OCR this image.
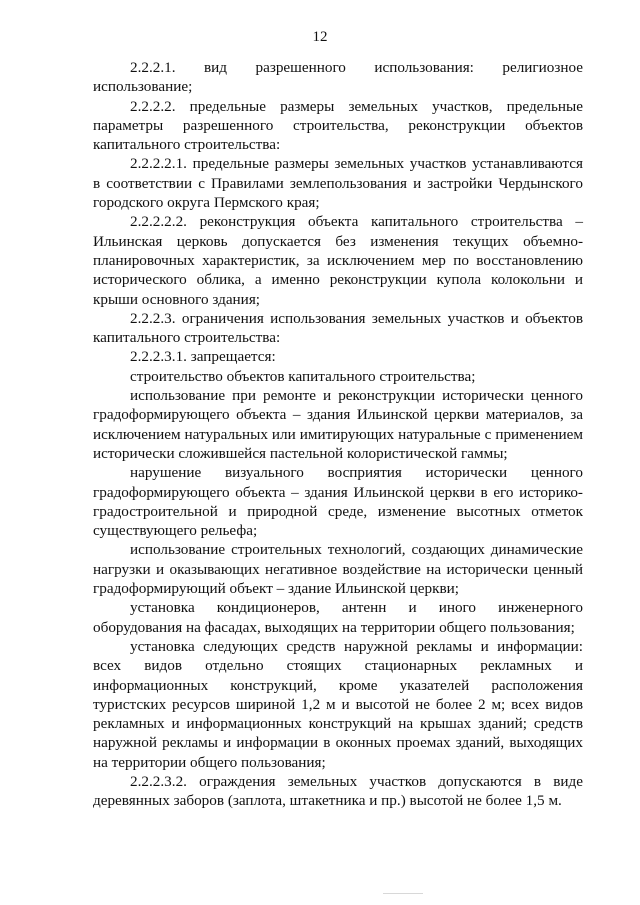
12

2.2.2.1. вид разрешенного использования: религиозное использование;

2.2.2.2. предельные размеры земельных участков, предельные параметры разрешенного строительства, реконструкции объектов капитального строительства:

2.2.2.2.1. предельные размеры земельных участков устанавливаются в соответствии с Правилами землепользования и застройки Чердынского городского округа Пермского края;

2.2.2.2.2. реконструкция объекта капитального строительства – Ильинская церковь допускается без изменения текущих объемно-планировочных характеристик, за исключением мер по восстановлению исторического облика, а именно реконструкции купола колокольни и крыши основного здания;

2.2.2.3. ограничения использования земельных участков и объектов капитального строительства:

2.2.2.3.1. запрещается:

строительство объектов капитального строительства;

использование при ремонте и реконструкции исторически ценного градоформирующего объекта – здания Ильинской церкви материалов, за исключением натуральных или имитирующих натуральные с применением исторически сложившейся пастельной колористической гаммы;

нарушение визуального восприятия исторически ценного градоформирующего объекта – здания Ильинской церкви в его историко-градостроительной и природной среде, изменение высотных отметок существующего рельефа;

использование строительных технологий, создающих динамические нагрузки и оказывающих негативное воздействие на исторически ценный градоформирующий объект – здание Ильинской церкви;

установка кондиционеров, антенн и иного инженерного оборудования на фасадах, выходящих на территории общего пользования;

установка следующих средств наружной рекламы и информации: всех видов отдельно стоящих стационарных рекламных и информационных конструкций, кроме указателей расположения туристских ресурсов шириной 1,2 м и высотой не более 2 м; всех видов рекламных и информационных конструкций на крышах зданий; средств наружной рекламы и информации в оконных проемах зданий, выходящих на территории общего пользования;

2.2.2.3.2. ограждения земельных участков допускаются в виде деревянных заборов (заплота, штакетника и пр.) высотой не более 1,5 м.
